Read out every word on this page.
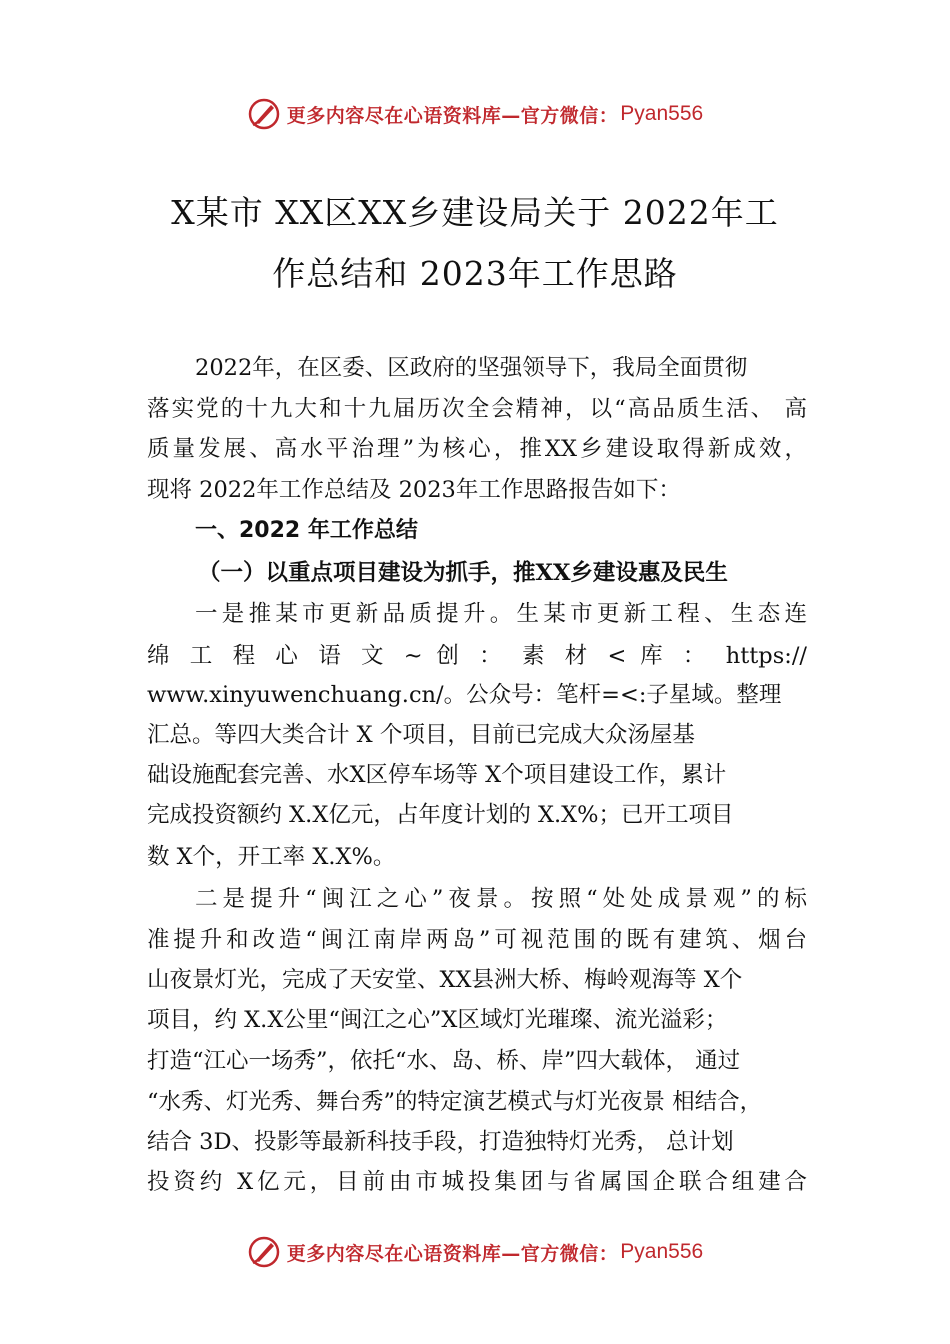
更多内容尽在心语资料库—官方微信： Pyan556
X某市 XX区XX乡建设局关于 2022年工
作总结和 2023年工作思路
2022年，在区委、区政府的坚强领导下，我局全面贯彻
落实党的十九大和十九届历次全会精神，以“高品质生活、 高
质量发展、高水平治理”为核心，推XX乡建设取得新成效，
现将 2022年工作总结及 2023年工作思路报告如下：
一、2022 年工作总结
（一）以重点项目建设为抓手，推XX乡建设惠及民生
一是推某市更新品质提升。生某市更新工程、生态连
绵 工 程 心 语 文 ~ 创 ： 素 材 < 库 ： https://
www.xinyuwenchuang.cn/。公众号：笔杆=<:子星域。整理
汇总。等四大类合计 X 个项目，目前已完成大众汤屋基
础设施配套完善、水X区停车场等 X个项目建设工作，累计
完成投资额约 X.X亿元，占年度计划的 X.X%；已开工项目
数 X个，开工率 X.X%。
二是提升“闽江之心”夜景。按照“处处成景观”的标
准提升和改造“闽江南岸两岛”可视范围的既有建筑、烟台
山夜景灯光，完成了天安堂、XX县洲大桥、梅岭观海等 X个
项目，约 X.X公里“闽江之心”X区域灯光璀璨、流光溢彩；
打造“江心一场秀”，依托“水、岛、桥、岸”四大载体， 通过
“水秀、灯光秀、舞台秀”的特定演艺模式与灯光夜景 相结合，
结合 3D、投影等最新科技手段，打造独特灯光秀， 总计划
投资约 X亿元，目前由市城投集团与省属国企联合组建合
更多内容尽在心语资料库—官方微信： Pyan556
